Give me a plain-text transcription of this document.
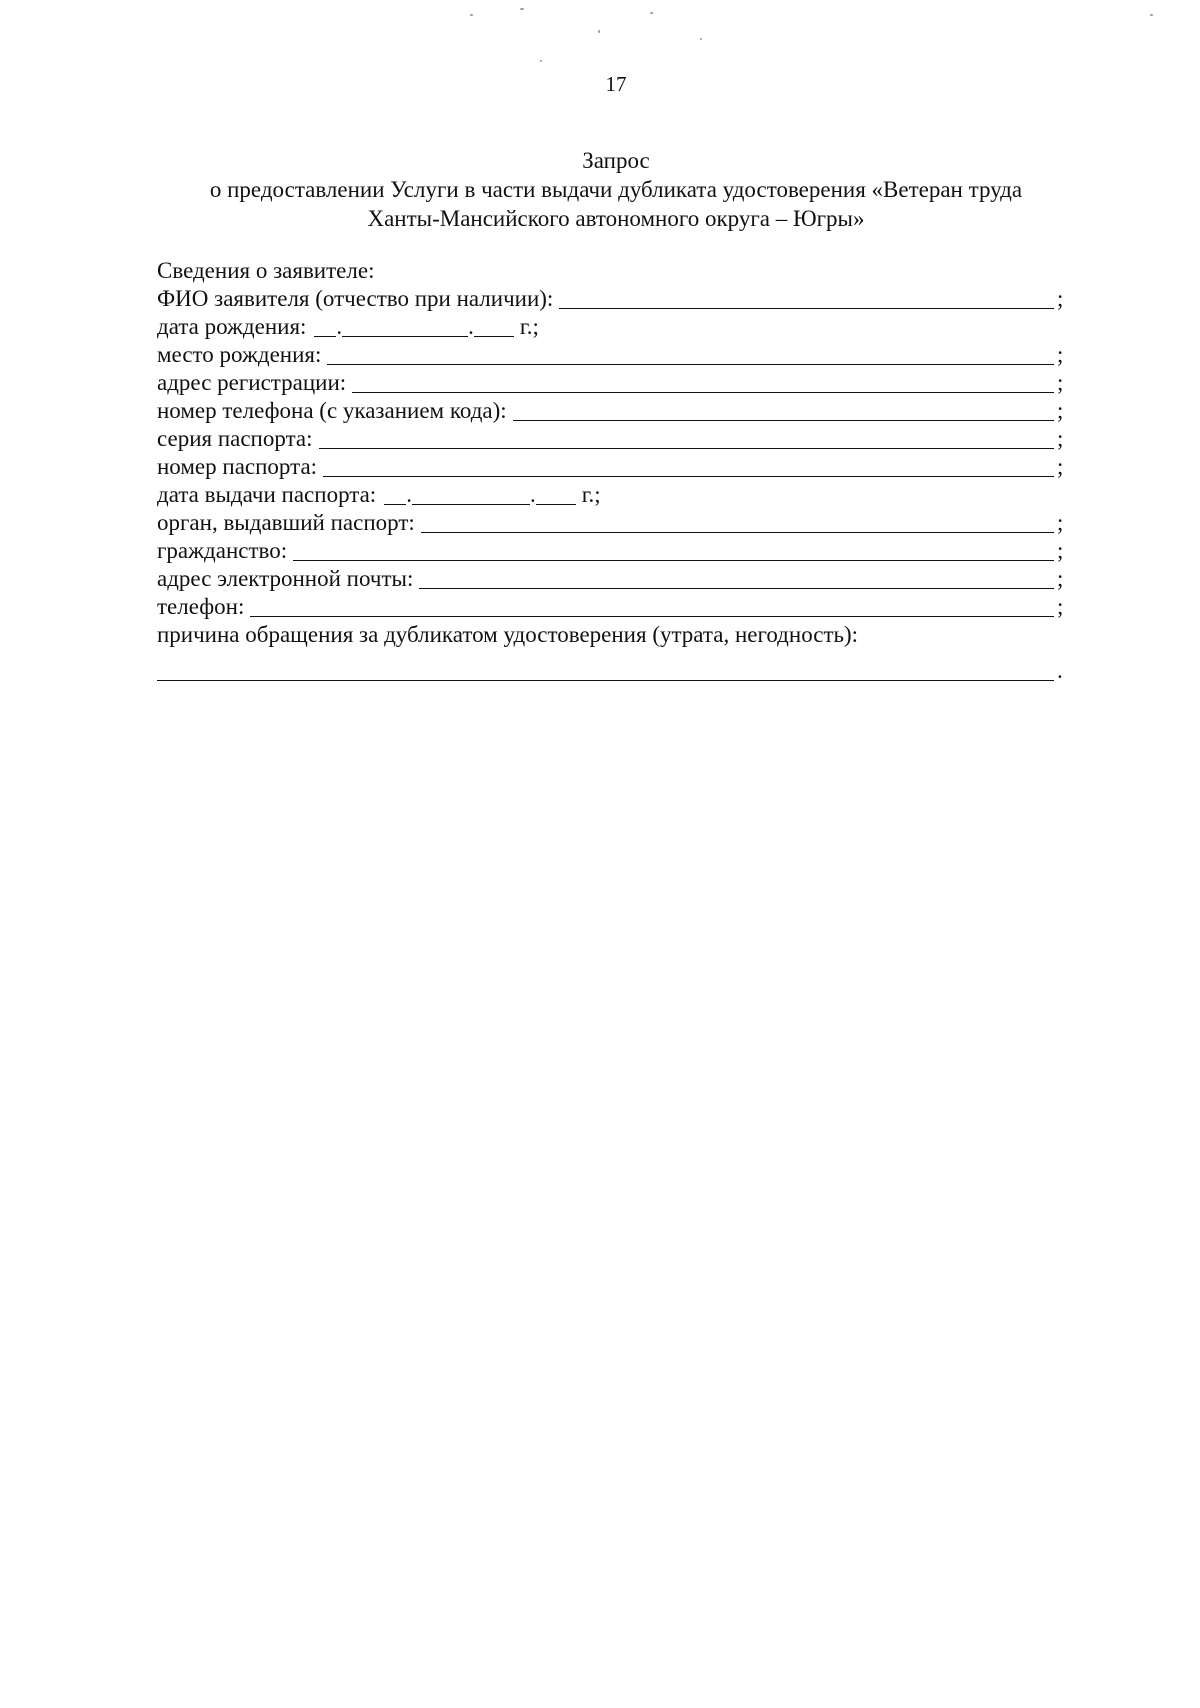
17
Запрос
о предоставлении Услуги в части выдачи дубликата удостоверения «Ветеран труда
Ханты-Мансийского автономного округа – Югры»
Сведения о заявителе:
ФИО заявителя (отчество при наличии):	;
дата рождения: .	. г.;
место рождения:	;
адрес регистрации:	;
номер телефона (с указанием кода):	;
серия паспорта:	;
номер паспорта:	;
дата выдачи паспорта: .	. г.;
орган, выдавший паспорт:	;
гражданство:	;
адрес электронной почты:	;
телефон:	;
причина обращения за дубликатом удостоверения (утрата, негодность):
.
